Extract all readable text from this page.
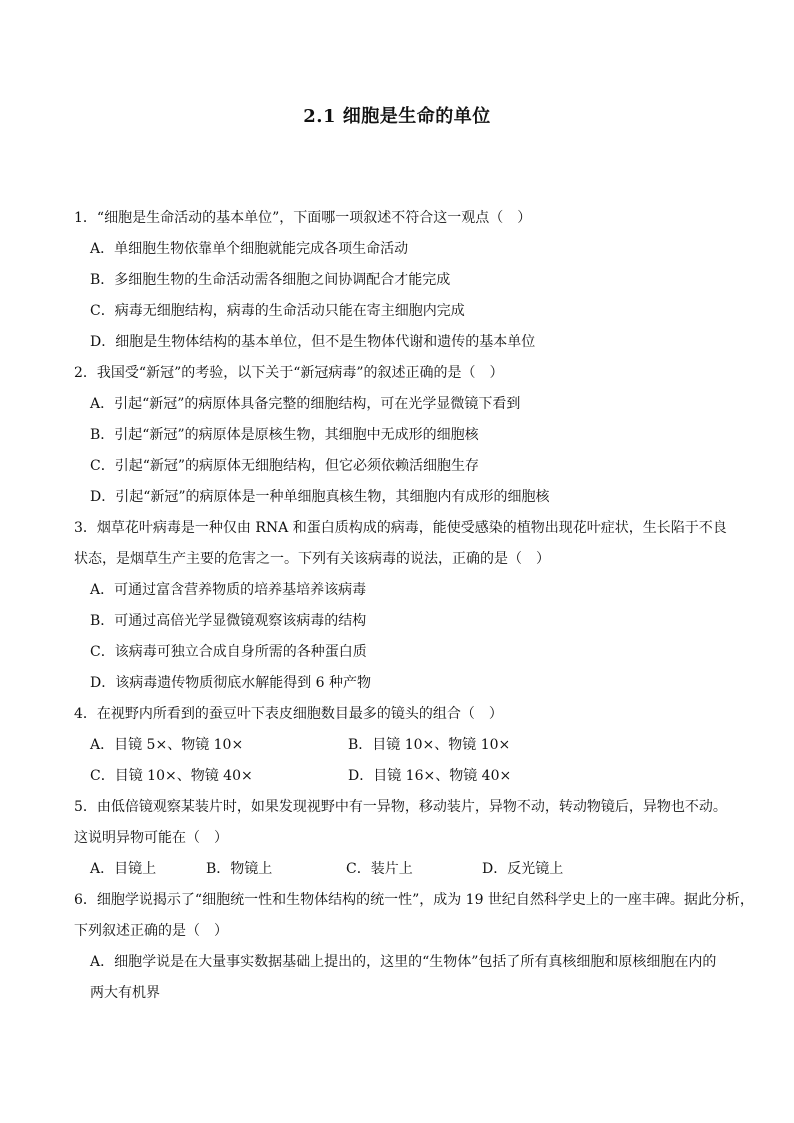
2.1 细胞是生命的单位
1．“细胞是生命活动的基本单位”，下面哪一项叙述不符合这一观点（　）
A．单细胞生物依靠单个细胞就能完成各项生命活动
B．多细胞生物的生命活动需各细胞之间协调配合才能完成
C．病毒无细胞结构，病毒的生命活动只能在寄主细胞内完成
D．细胞是生物体结构的基本单位，但不是生物体代谢和遗传的基本单位
2．我国受“新冠”的考验，以下关于“新冠病毒”的叙述正确的是（　）
A．引起“新冠”的病原体具备完整的细胞结构，可在光学显微镜下看到
B．引起“新冠”的病原体是原核生物，其细胞中无成形的细胞核
C．引起“新冠”的病原体无细胞结构，但它必须依赖活细胞生存
D．引起“新冠”的病原体是一种单细胞真核生物，其细胞内有成形的细胞核
3．烟草花叶病毒是一种仅由 RNA 和蛋白质构成的病毒，能使受感染的植物出现花叶症状，生长陷于不良
状态，是烟草生产主要的危害之一。下列有关该病毒的说法，正确的是（　）
A．可通过富含营养物质的培养基培养该病毒
B．可通过高倍光学显微镜观察该病毒的结构
C．该病毒可独立合成自身所需的各种蛋白质
D．该病毒遗传物质彻底水解能得到 6 种产物
4．在视野内所看到的蚕豆叶下表皮细胞数目最多的镜头的组合（　）
A．目镜 5×、物镜 10×	B．目镜 10×、物镜 10×
C．目镜 10×、物镜 40×	D．目镜 16×、物镜 40×
5．由低倍镜观察某装片时，如果发现视野中有一异物，移动装片，异物不动，转动物镜后，异物也不动。
这说明异物可能在（　）
A．目镜上	B．物镜上	C．装片上	D．反光镜上
6．细胞学说揭示了“细胞统一性和生物体结构的统一性”，成为 19 世纪自然科学史上的一座丰碑。据此分析，
下列叙述正确的是（　）
A．细胞学说是在大量事实数据基础上提出的，这里的“生物体”包括了所有真核细胞和原核细胞在内的
两大有机界
